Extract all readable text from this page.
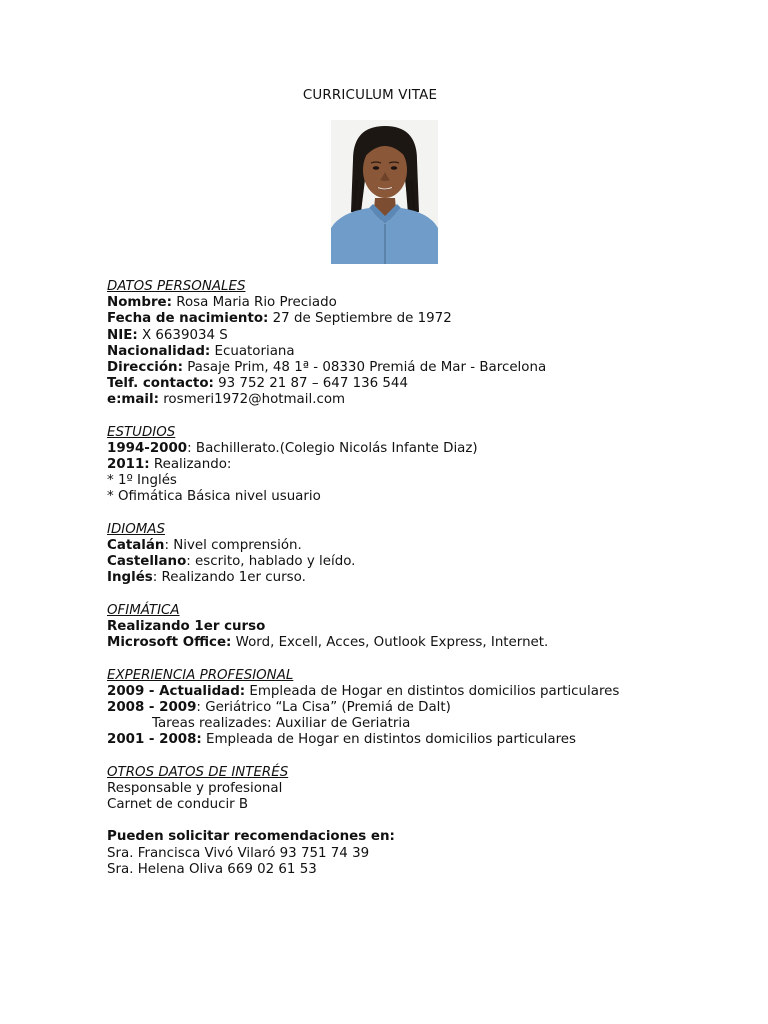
CURRICULUM VITAE
DATOS PERSONALES
Nombre: Rosa Maria Rio Preciado
Fecha de nacimiento: 27 de Septiembre de 1972
NIE: X 6639034 S
Nacionalidad: Ecuatoriana
Dirección: Pasaje Prim, 48 1ª - 08330 Premiá de Mar - Barcelona
Telf. contacto: 93 752 21 87 – 647 136 544
e:mail: rosmeri1972@hotmail.com
ESTUDIOS
1994-2000: Bachillerato.(Colegio Nicolás Infante Diaz)
2011: Realizando:
* 1º Inglés
* Ofimática Básica nivel usuario
IDIOMAS
Catalán: Nivel comprensión.
Castellano: escrito, hablado y leído.
Inglés: Realizando 1er curso.
OFIMÁTICA
Realizando 1er curso
Microsoft Office: Word, Excell, Acces, Outlook Express, Internet.
EXPERIENCIA PROFESIONAL
2009 - Actualidad: Empleada de Hogar en distintos domicilios particulares
2008 - 2009: Geriátrico “La Cisa” (Premiá de Dalt)
Tareas realizades: Auxiliar de Geriatria
2001 - 2008: Empleada de Hogar en distintos domicilios particulares
OTROS DATOS DE INTERÉS
Responsable y profesional
Carnet de conducir B
Pueden solicitar recomendaciones en:
Sra. Francisca Vivó Vilaró 93 751 74 39
Sra. Helena Oliva 669 02 61 53
